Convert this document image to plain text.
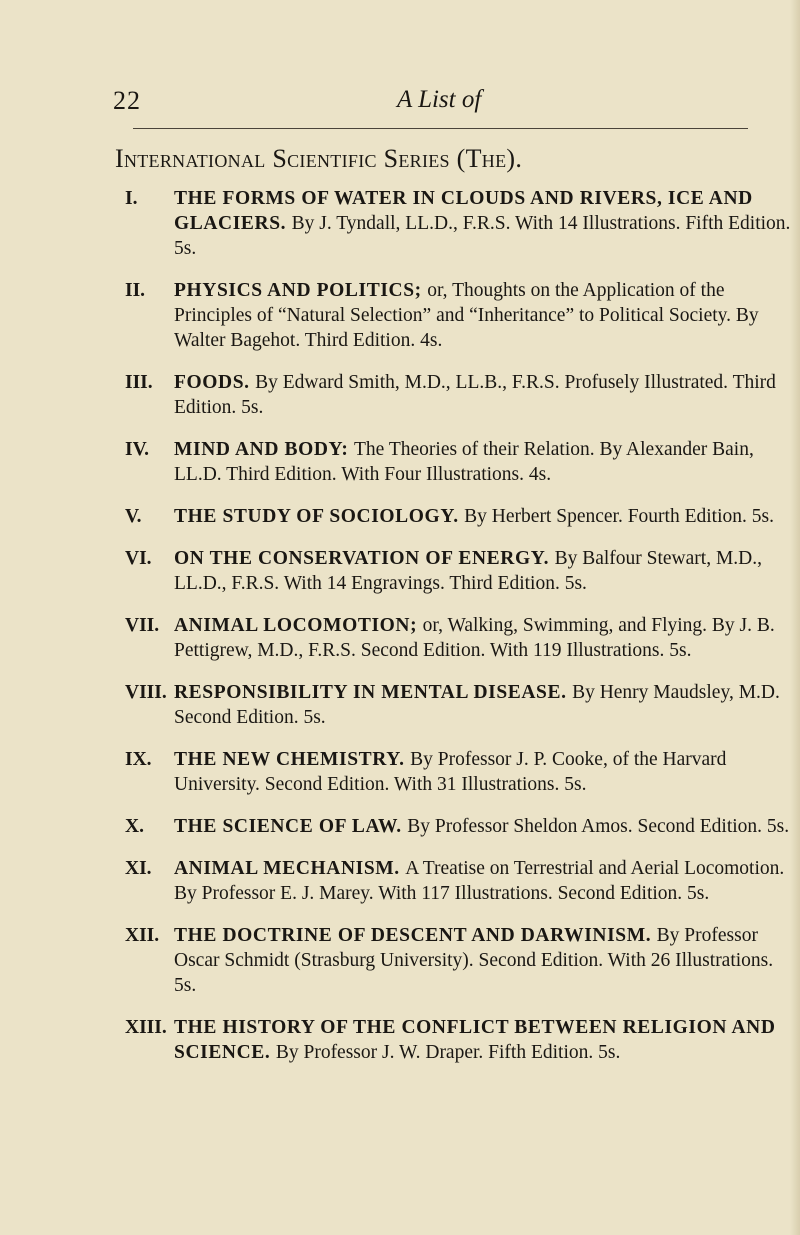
22	A List of
International Scientific Series (The).
I.	THE FORMS OF WATER IN CLOUDS AND RIVERS, ICE AND GLACIERS. By J. Tyndall, LL.D., F.R.S. With 14 Illustrations. Fifth Edition. 5s.
II.	PHYSICS AND POLITICS; or, Thoughts on the Application of the Principles of “Natural Selection” and “Inheritance” to Political Society. By Walter Bagehot. Third Edition. 4s.
III.	FOODS. By Edward Smith, M.D., LL.B., F.R.S. Profusely Illustrated. Third Edition. 5s.
IV.	MIND AND BODY: The Theories of their Relation. By Alexander Bain, LL.D. Third Edition. With Four Illustrations. 4s.
V.	THE STUDY OF SOCIOLOGY. By Herbert Spencer. Fourth Edition. 5s.
VI.	ON THE CONSERVATION OF ENERGY. By Balfour Stewart, M.D., LL.D., F.R.S. With 14 Engravings. Third Edition. 5s.
VII. ANIMAL LOCOMOTION; or, Walking, Swimming, and Flying. By J. B. Pettigrew, M.D., F.R.S. Second Edition. With 119 Illustrations. 5s.
VIII. RESPONSIBILITY IN MENTAL DISEASE. By Henry Maudsley, M.D. Second Edition. 5s.
IX.	THE NEW CHEMISTRY. By Professor J. P. Cooke, of the Harvard University. Second Edition. With 31 Illustrations. 5s.
X.	THE SCIENCE OF LAW. By Professor Sheldon Amos. Second Edition. 5s.
XI.	ANIMAL MECHANISM. A Treatise on Terrestrial and Aerial Locomotion. By Professor E. J. Marey. With 117 Illustrations. Second Edition. 5s.
XII. THE DOCTRINE OF DESCENT AND DARWINISM. By Professor Oscar Schmidt (Strasburg University). Second Edition. With 26 Illustrations. 5s.
XIII. THE HISTORY OF THE CONFLICT BETWEEN RELIGION AND SCIENCE. By Professor J. W. Draper. Fifth Edition. 5s.
